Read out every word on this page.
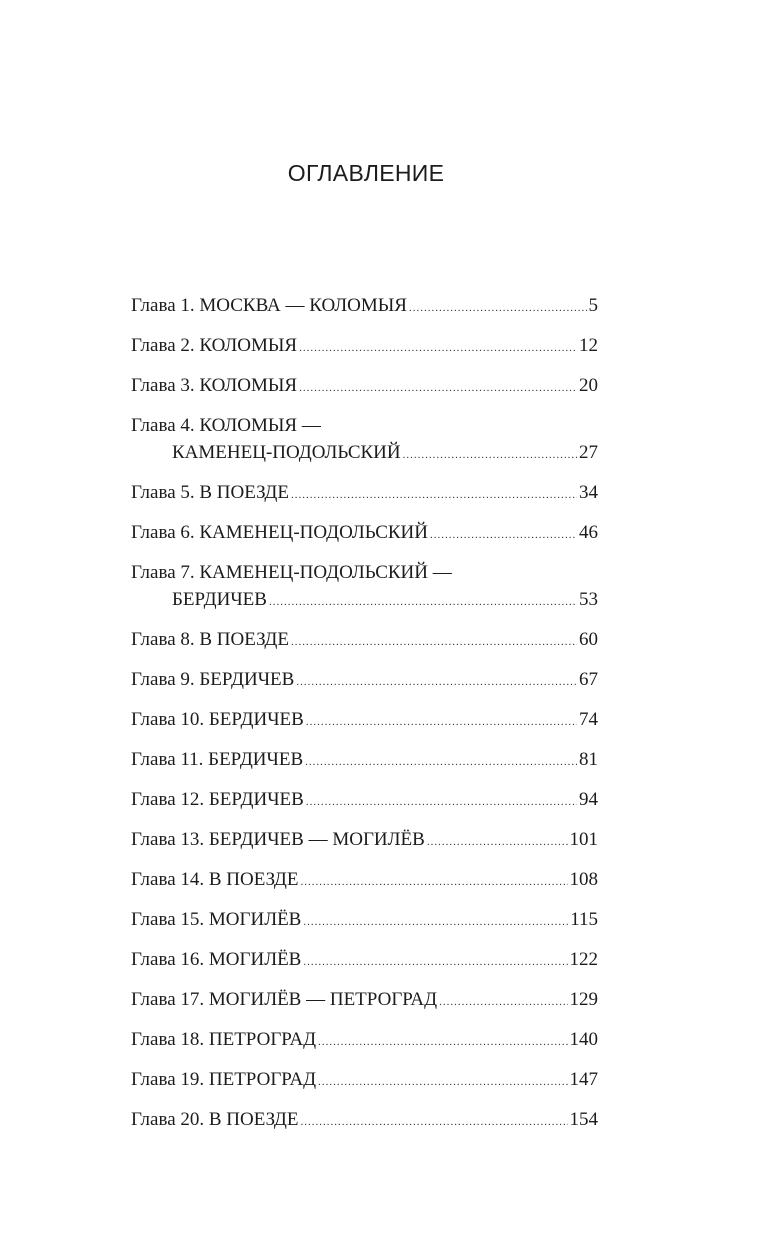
ОГЛАВЛЕНИЕ
Глава 1. МОСКВА — КОЛОМЫЯ .....	5
Глава 2. КОЛОМЫЯ .....	12
Глава 3. КОЛОМЫЯ .....	20
Глава 4. КОЛОМЫЯ —
КАМЕНЕЦ-ПОДОЛЬСКИЙ .....	27
Глава 5. В ПОЕЗДЕ .....	34
Глава 6. КАМЕНЕЦ-ПОДОЛЬСКИЙ .....	46
Глава 7. КАМЕНЕЦ-ПОДОЛЬСКИЙ —
БЕРДИЧЕВ .....	53
Глава 8. В ПОЕЗДЕ .....	60
Глава 9. БЕРДИЧЕВ .....	67
Глава 10. БЕРДИЧЕВ .....	74
Глава 11. БЕРДИЧЕВ .....	81
Глава 12. БЕРДИЧЕВ .....	94
Глава 13. БЕРДИЧЕВ — МОГИЛЁВ .....	101
Глава 14. В ПОЕЗДЕ .....	108
Глава 15. МОГИЛЁВ .....	115
Глава 16. МОГИЛЁВ .....	122
Глава 17. МОГИЛЁВ — ПЕТРОГРАД .....	129
Глава 18. ПЕТРОГРАД .....	140
Глава 19. ПЕТРОГРАД .....	147
Глава 20. В ПОЕЗДЕ .....	154
